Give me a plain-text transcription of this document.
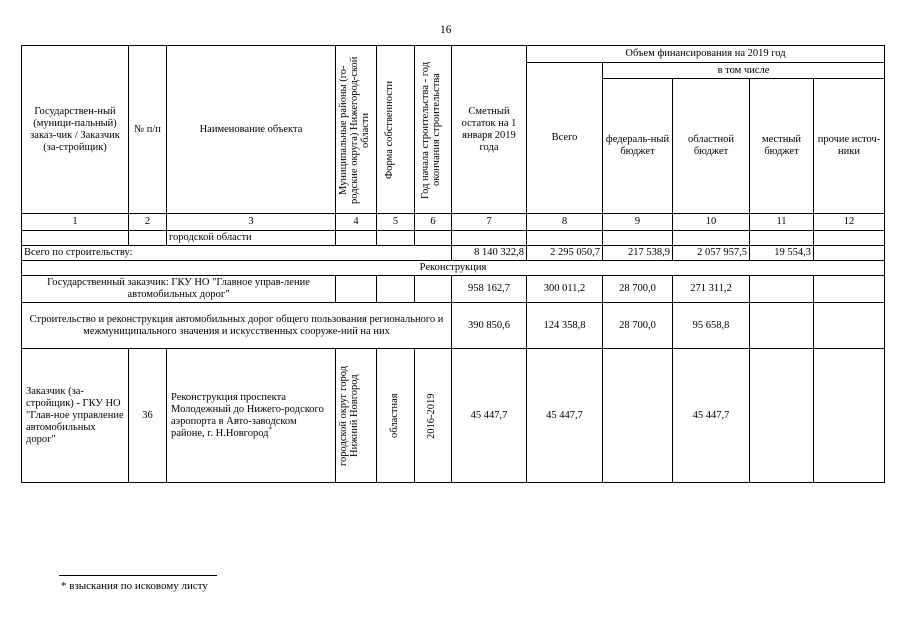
16
Государствен-ный (муници-пальный) заказ-чик / Заказчик (за-стройщик)	№ п/п	Наименование объекта	Муниципальные районы (го-родские округа) Нижегород-ской области	Форма собственности	Год начала строительства - год окончания строительства	Сметный остаток на 1 января 2019 года	Объем финансирования на 2019 год				
							Всего	в том числе			
								федераль-ный бюджет	областной бюджет	местный бюджет	прочие источ-ники
1	2	3	4	5	6	7	8	9	10	11	12
		городской области									
Всего по строительству:						8 140 322,8	2 295 050,7	217 538,9	2 057 957,5	19 554,3	
Реконструкция											
Государственный заказчик: ГКУ НО "Главное управ-ление автомобильных дорог"						958 162,7	300 011,2	28 700,0	271 311,2		
Строительство и реконструкция автомобильных дорог общего пользования регионального и межмуниципального значения и искусственных сооруже-ний на них						390 850,6	124 358,8	28 700,0	95 658,8		
Заказчик (за-стройщик) - ГКУ НО "Глав-ное управление автомобильных дорог"	36	Реконструкция проспекта Молодежный до Нижего-родского аэропорта в Авто-заводском районе, г. Н.Новгород*	городской округ город Нижний Новгород	областная	2016-2019	45 447,7	45 447,7		45 447,7		
* взыскания по исковому листу
